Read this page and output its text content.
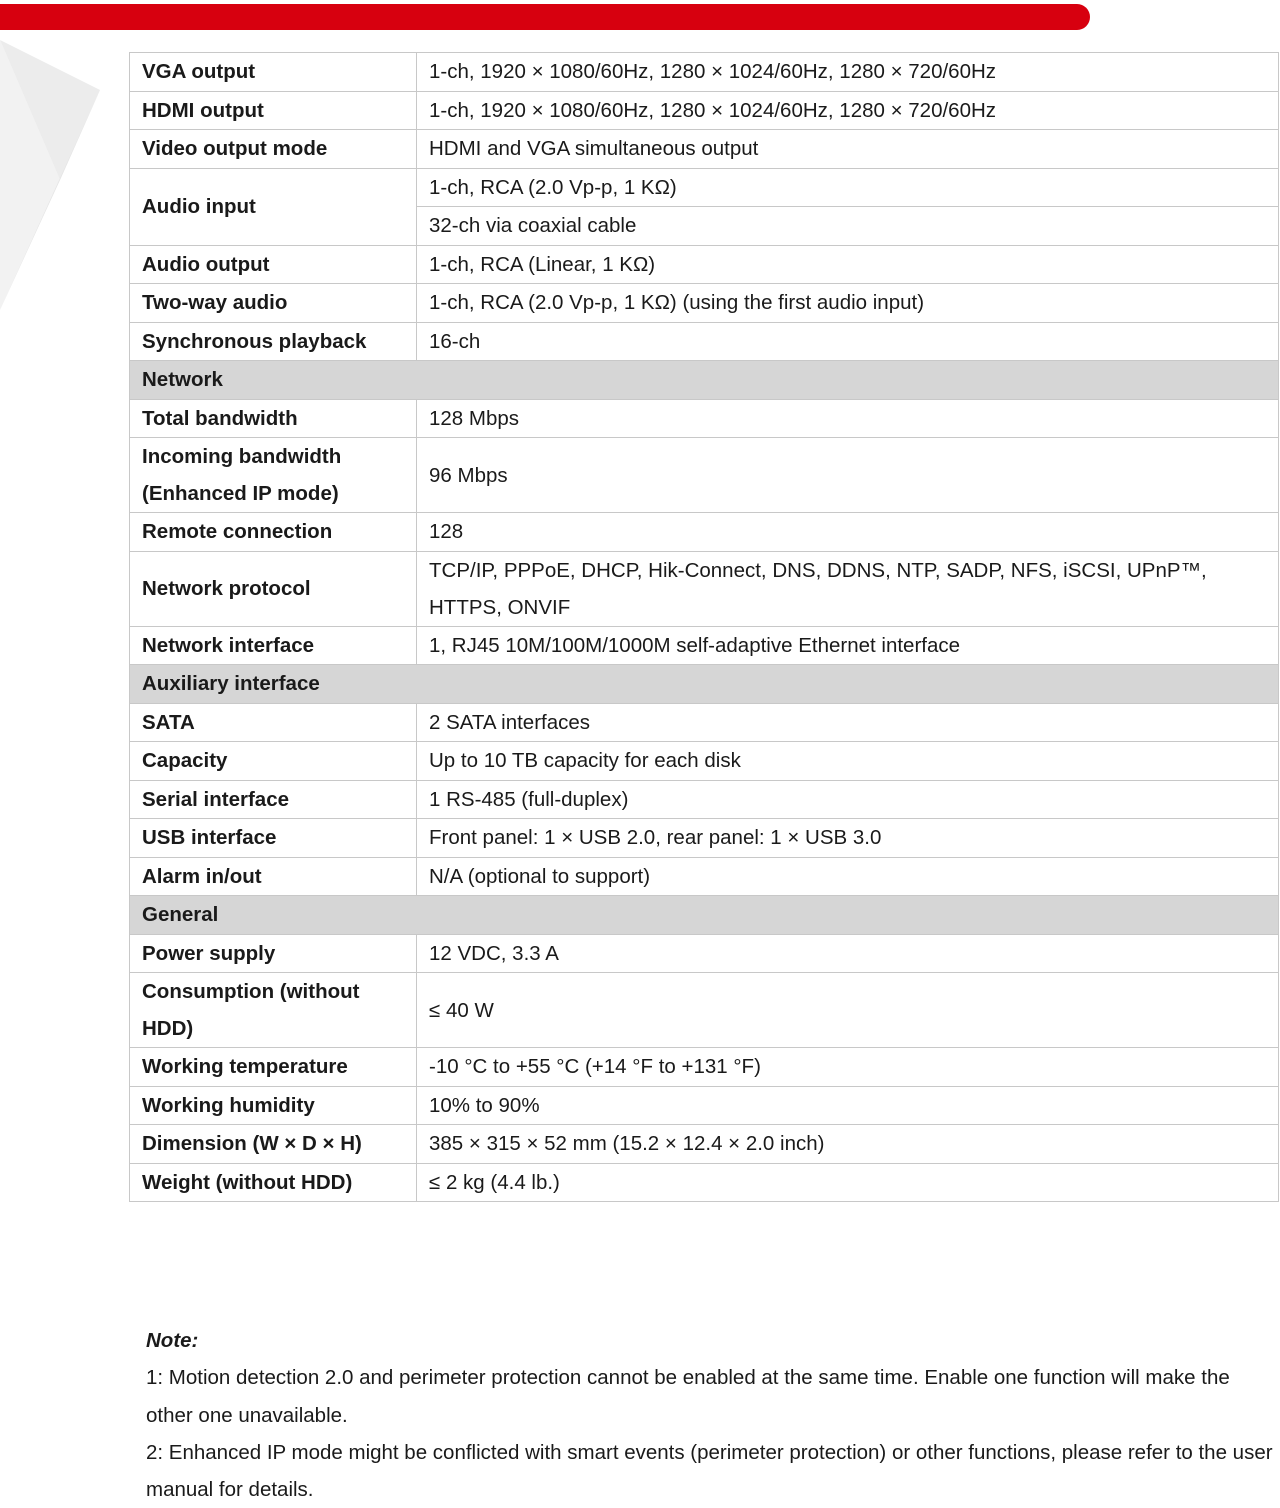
VGA output	1-ch, 1920 × 1080/60Hz, 1280 × 1024/60Hz, 1280 × 720/60Hz
HDMI output	1-ch, 1920 × 1080/60Hz, 1280 × 1024/60Hz, 1280 × 720/60Hz
Video output mode	HDMI and VGA simultaneous output
Audio input	1-ch, RCA (2.0 Vp-p, 1 KΩ)
	32-ch via coaxial cable
Audio output	1-ch, RCA (Linear, 1 KΩ)
Two-way audio	1-ch, RCA (2.0 Vp-p, 1 KΩ) (using the first audio input)
Synchronous playback	16-ch
Network	
Total bandwidth	128 Mbps
Incoming bandwidth (Enhanced IP mode)	96 Mbps
Remote connection	128
Network protocol	TCP/IP, PPPoE, DHCP, Hik-Connect, DNS, DDNS, NTP, SADP, NFS, iSCSI, UPnP™, HTTPS, ONVIF
Network interface	1, RJ45 10M/100M/1000M self-adaptive Ethernet interface
Auxiliary interface	
SATA	2 SATA interfaces
Capacity	Up to 10 TB capacity for each disk
Serial interface	1 RS-485 (full-duplex)
USB interface	Front panel: 1 × USB 2.0, rear panel: 1 × USB 3.0
Alarm in/out	N/A (optional to support)
General	
Power supply	12 VDC, 3.3 A
Consumption (without HDD)	≤ 40 W
Working temperature	-10 °C to +55 °C (+14 °F to +131 °F)
Working humidity	10% to 90%
Dimension (W × D × H)	385 × 315 × 52 mm (15.2 × 12.4 × 2.0 inch)
Weight (without HDD)	≤ 2 kg (4.4 lb.)
Note:
1: Motion detection 2.0 and perimeter protection cannot be enabled at the same time. Enable one function will make the other one unavailable.
2: Enhanced IP mode might be conflicted with smart events (perimeter protection) or other functions, please refer to the user manual for details.
